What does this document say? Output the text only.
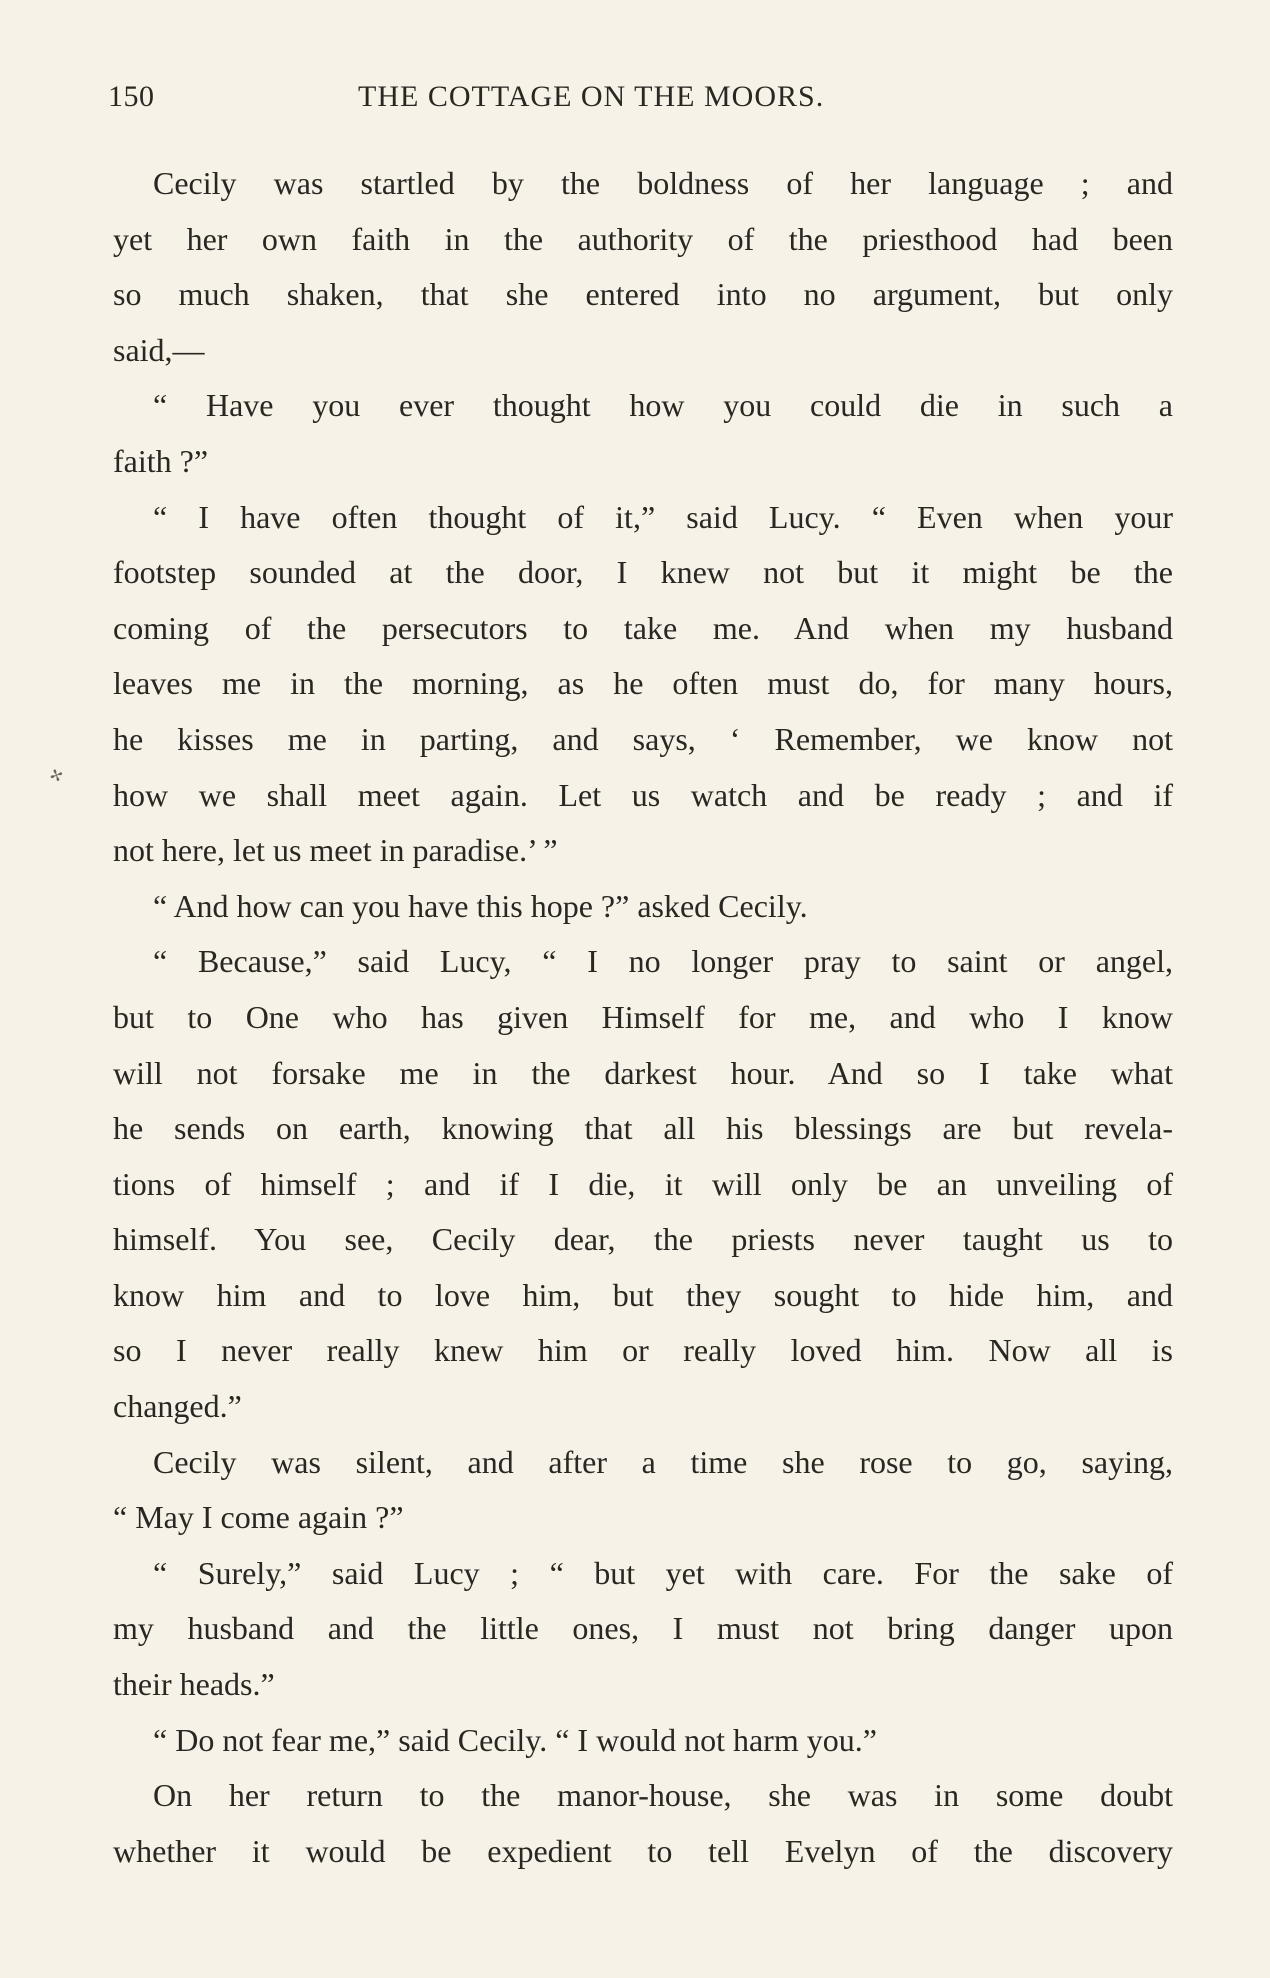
150	THE COTTAGE ON THE MOORS.
✢
Cecily was startled by the boldness of her language ; and
yet her own faith in the authority of the priesthood had been
so much shaken, that she entered into no argument, but only
said,—
“ Have you ever thought how you could die in such a
faith ?”
“ I have often thought of it,” said Lucy. “ Even when your
footstep sounded at the door, I knew not but it might be the
coming of the persecutors to take me. And when my husband
leaves me in the morning, as he often must do, for many hours,
he kisses me in parting, and says, ‘ Remember, we know not
how we shall meet again. Let us watch and be ready ; and if
not here, let us meet in paradise.’ ”
“ And how can you have this hope ?” asked Cecily.
“ Because,” said Lucy, “ I no longer pray to saint or angel,
but to One who has given Himself for me, and who I know
will not forsake me in the darkest hour. And so I take what
he sends on earth, knowing that all his blessings are but revela-
tions of himself ; and if I die, it will only be an unveiling of
himself. You see, Cecily dear, the priests never taught us to
know him and to love him, but they sought to hide him, and
so I never really knew him or really loved him. Now all is
changed.”
Cecily was silent, and after a time she rose to go, saying,
“ May I come again ?”
“ Surely,” said Lucy ; “ but yet with care. For the sake of
my husband and the little ones, I must not bring danger upon
their heads.”
“ Do not fear me,” said Cecily. “ I would not harm you.”
On her return to the manor-house, she was in some doubt
whether it would be expedient to tell Evelyn of the discovery
